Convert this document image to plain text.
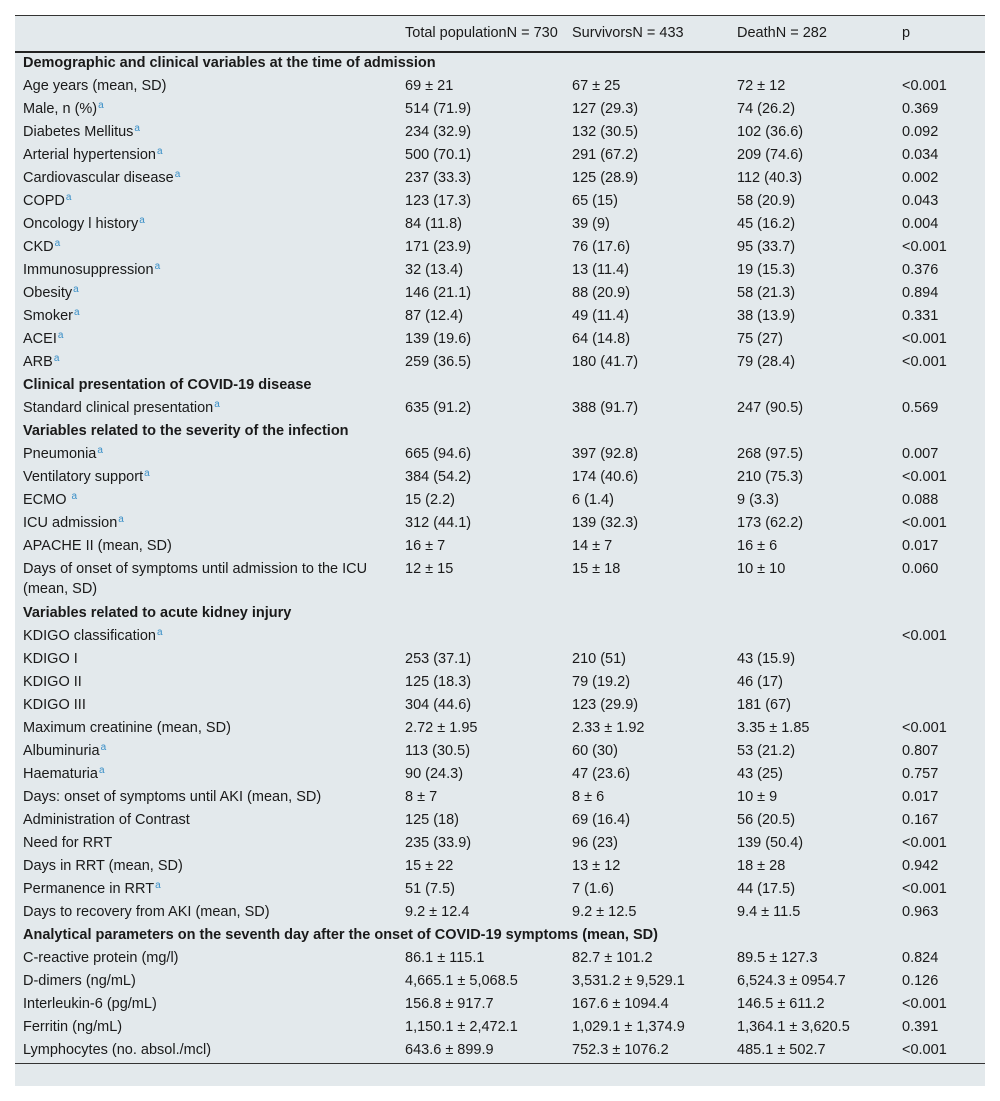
	Total populationN = 730	SurvivorsN = 433	DeathN = 282	p
Demographic and clinical variables at the time of admission				
Age years (mean, SD)	69 ± 21	67 ± 25	72 ± 12	<0.001
Male, n (%)$^a$	514 (71.9)	127 (29.3)	74 (26.2)	0.369
Diabetes Mellitus$^a$	234 (32.9)	132 (30.5)	102 (36.6)	0.092
Arterial hypertension$^a$	500 (70.1)	291 (67.2)	209 (74.6)	0.034
Cardiovascular disease$^a$	237 (33.3)	125 (28.9)	112 (40.3)	0.002
COPD$^a$	123 (17.3)	65 (15)	58 (20.9)	0.043
Oncology l history$^a$	84 (11.8)	39 (9)	45 (16.2)	0.004
CKD$^a$	171 (23.9)	76 (17.6)	95 (33.7)	<0.001
Immunosuppression$^a$	32 (13.4)	13 (11.4)	19 (15.3)	0.376
Obesity$^a$	146 (21.1)	88 (20.9)	58 (21.3)	0.894
Smoker$^a$	87 (12.4)	49 (11.4)	38 (13.9)	0.331
ACEI$^a$	139 (19.6)	64 (14.8)	75 (27)	<0.001
ARB$^a$	259 (36.5)	180 (41.7)	79 (28.4)	<0.001
Clinical presentation of COVID-19 disease				
Standard clinical presentation$^a$	635 (91.2)	388 (91.7)	247 (90.5)	0.569
Variables related to the severity of the infection				
Pneumonia$^a$	665 (94.6)	397 (92.8)	268 (97.5)	0.007
Ventilatory support$^a$	384 (54.2)	174 (40.6)	210 (75.3)	<0.001
ECMO $^a$	15 (2.2)	6 (1.4)	9 (3.3)	0.088
ICU admission$^a$	312 (44.1)	139 (32.3)	173 (62.2)	<0.001
APACHE II (mean, SD)	16 ± 7	14 ± 7	16 ± 6	0.017
Days of onset of symptoms until admission to the ICU (mean, SD)	12 ± 15	15 ± 18	10 ± 10	0.060
Variables related to acute kidney injury				
KDIGO classification$^a$				<0.001
KDIGO I	253 (37.1)	210 (51)	43 (15.9)	
KDIGO II	125 (18.3)	79 (19.2)	46 (17)	
KDIGO III	304 (44.6)	123 (29.9)	181 (67)	
Maximum creatinine (mean, SD)	2.72 ± 1.95	2.33 ± 1.92	3.35 ± 1.85	<0.001
Albuminuria$^a$	113 (30.5)	60 (30)	53 (21.2)	0.807
Haematuria$^a$	90 (24.3)	47 (23.6)	43 (25)	0.757
Days: onset of symptoms until AKI (mean, SD)	8 ± 7	8 ± 6	10 ± 9	0.017
Administration of Contrast	125 (18)	69 (16.4)	56 (20.5)	0.167
Need for RRT	235 (33.9)	96 (23)	139 (50.4)	<0.001
Days in RRT (mean, SD)	15 ± 22	13 ± 12	18 ± 28	0.942
Permanence in RRT$^a$	51 (7.5)	7 (1.6)	44 (17.5)	<0.001
Days to recovery from AKI (mean, SD)	9.2 ± 12.4	9.2 ± 12.5	9.4 ± 11.5	0.963
Analytical parameters on the seventh day after the onset of COVID-19 symptoms (mean, SD)				
C-reactive protein (mg/l)	86.1 ± 115.1	82.7 ± 101.2	89.5 ± 127.3	0.824
D-dimers (ng/mL)	4,665.1 ± 5,068.5	3,531.2 ± 9,529.1	6,524.3 ± 0954.7	0.126
Interleukin-6 (pg/mL)	156.8 ± 917.7	167.6 ± 1094.4	146.5 ± 611.2	<0.001
Ferritin (ng/mL)	1,150.1 ± 2,472.1	1,029.1 ± 1,374.9	1,364.1 ± 3,620.5	0.391
Lymphocytes (no. absol./mcl)	643.6 ± 899.9	752.3 ± 1076.2	485.1 ± 502.7	<0.001
